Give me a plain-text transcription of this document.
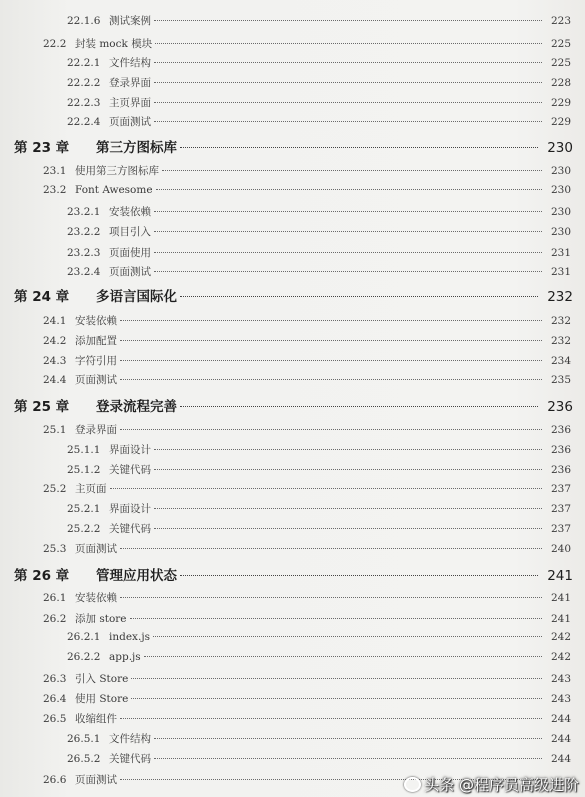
22.1.6 测试案例	223
22.2 封装 mock 模块	225
22.2.1 文件结构	225
22.2.2 登录界面	228
22.2.3 主页界面	229
22.2.4 页面测试	229
第 23 章	第三方图标库	230
23.1 使用第三方图标库	230
23.2 Font Awesome	230
23.2.1 安装依赖	230
23.2.2 项目引入	230
23.2.3 页面使用	231
23.2.4 页面测试	231
第 24 章	多语言国际化	232
24.1 安装依赖	232
24.2 添加配置	232
24.3 字符引用	234
24.4 页面测试	235
第 25 章	登录流程完善	236
25.1 登录界面	236
25.1.1 界面设计	236
25.1.2 关键代码	236
25.2 主页面	237
25.2.1 界面设计	237
25.2.2 关键代码	237
25.3 页面测试	240
第 26 章	管理应用状态	241
26.1 安装依赖	241
26.2 添加 store	241
26.2.1 index.js	242
26.2.2 app.js	242
26.3 引入 Store	243
26.4 使用 Store	243
26.5 收缩组件	244
26.5.1 文件结构	244
26.5.2 关键代码	244
26.6 页面测试	头条 @程序员高级进阶
